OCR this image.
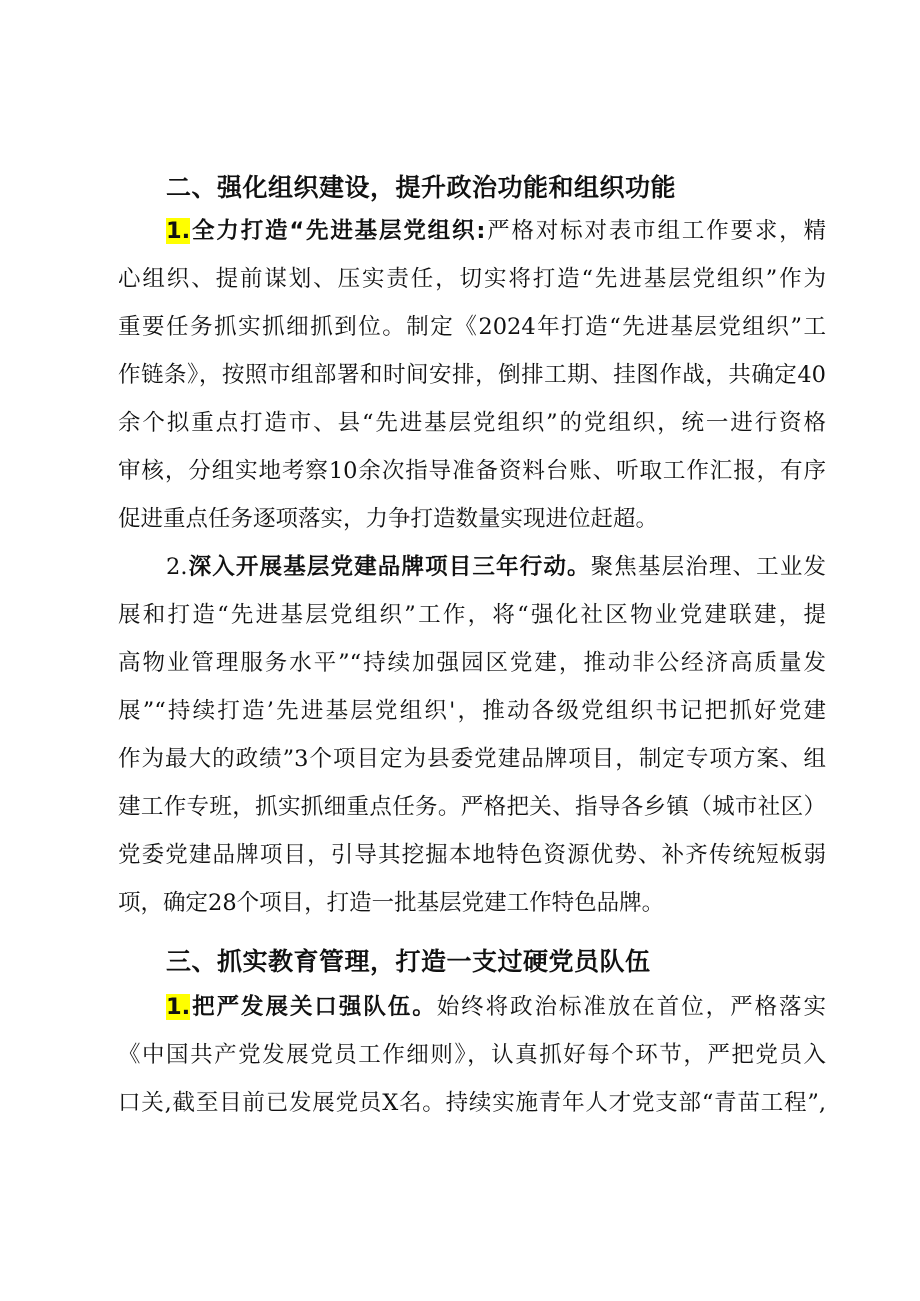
二、强化组织建设，提升政治功能和组织功能
1.全力打造“先进基层党组织:严格对标对表市组工作要求，精
心组织、提前谋划、压实责任，切实将打造“先进基层党组织”作为
重要任务抓实抓细抓到位。制定《2024年打造“先进基层党组织”工
作链条》，按照市组部署和时间安排，倒排工期、挂图作战，共确定40
余个拟重点打造市、县“先进基层党组织”的党组织，统一进行资格
审核，分组实地考察10余次指导准备资料台账、听取工作汇报，有序
促进重点任务逐项落实，力争打造数量实现进位赶超。
2.深入开展基层党建品牌项目三年行动。聚焦基层治理、工业发
展和打造“先进基层党组织”工作，将“强化社区物业党建联建，提
高物业管理服务水平”“持续加强园区党建，推动非公经济高质量发
展”“持续打造’先进基层党组织'，推动各级党组织书记把抓好党建
作为最大的政绩”3个项目定为县委党建品牌项目，制定专项方案、组
建工作专班，抓实抓细重点任务。严格把关、指导各乡镇（城市社区）
党委党建品牌项目，引导其挖掘本地特色资源优势、补齐传统短板弱
项，确定28个项目，打造一批基层党建工作特色品牌。
三、抓实教育管理，打造一支过硬党员队伍
1.把严发展关口强队伍。始终将政治标准放在首位，严格落实
《中国共产党发展党员工作细则》，认真抓好每个环节，严把党员入
口关,截至目前已发展党员X名。持续实施青年人才党支部“青苗工程”,
